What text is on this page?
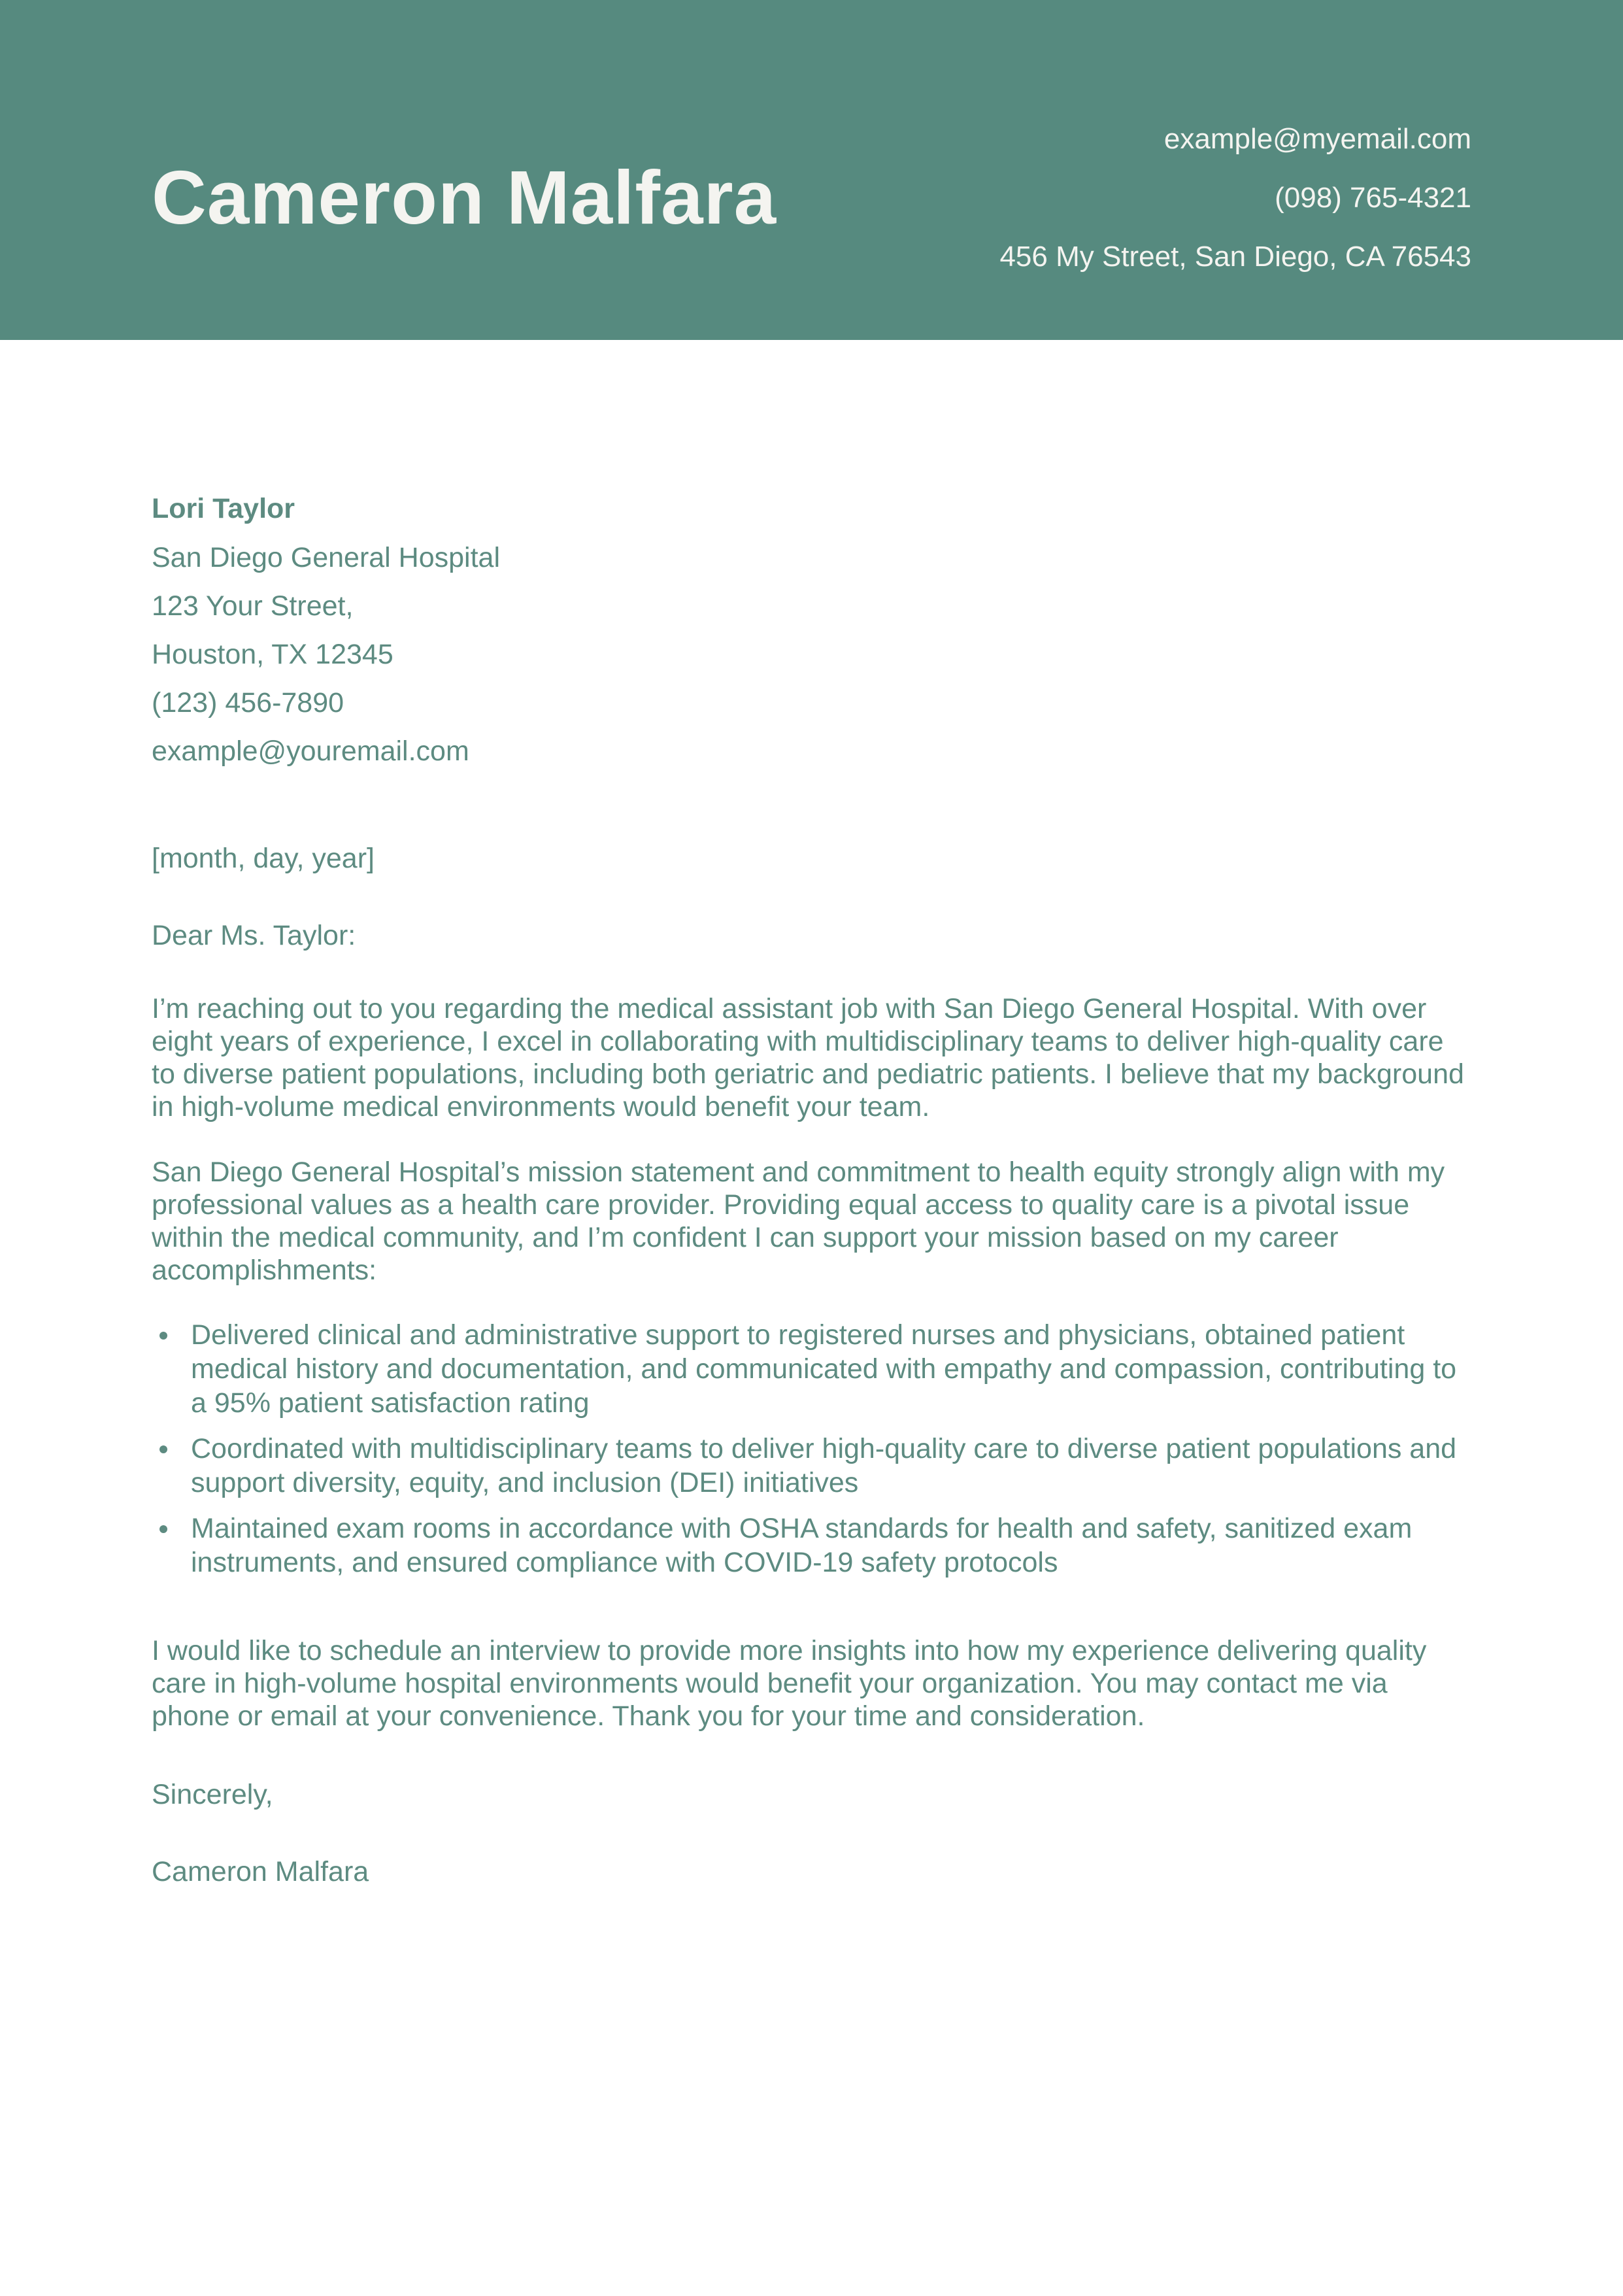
Cameron Malfara
example@myemail.com
(098) 765-4321
456 My Street, San Diego, CA 76543
Lori Taylor
San Diego General Hospital
123 Your Street,
Houston, TX 12345
(123) 456-7890
example@youremail.com
[month, day, year]
Dear Ms. Taylor:

I’m reaching out to you regarding the medical assistant job with San Diego General Hospital. With over eight years of experience, I excel in collaborating with multidisciplinary teams to deliver high-quality care to diverse patient populations, including both geriatric and pediatric patients. I believe that my background in high-volume medical environments would benefit your team.

San Diego General Hospital’s mission statement and commitment to health equity strongly align with my professional values as a health care provider. Providing equal access to quality care is a pivotal issue within the medical community, and I’m confident I can support your mission based on my career accomplishments:

Delivered clinical and administrative support to registered nurses and physicians, obtained patient medical history and documentation, and communicated with empathy and compassion, contributing to a 95% patient satisfaction rating
Coordinated with multidisciplinary teams to deliver high-quality care to diverse patient populations and support diversity, equity, and inclusion (DEI) initiatives
Maintained exam rooms in accordance with OSHA standards for health and safety, sanitized exam instruments, and ensured compliance with COVID-19 safety protocols

I would like to schedule an interview to provide more insights into how my experience delivering quality care in high-volume hospital environments would benefit your organization. You may contact me via phone or email at your convenience. Thank you for your time and consideration.

Sincerely,
Cameron Malfara
